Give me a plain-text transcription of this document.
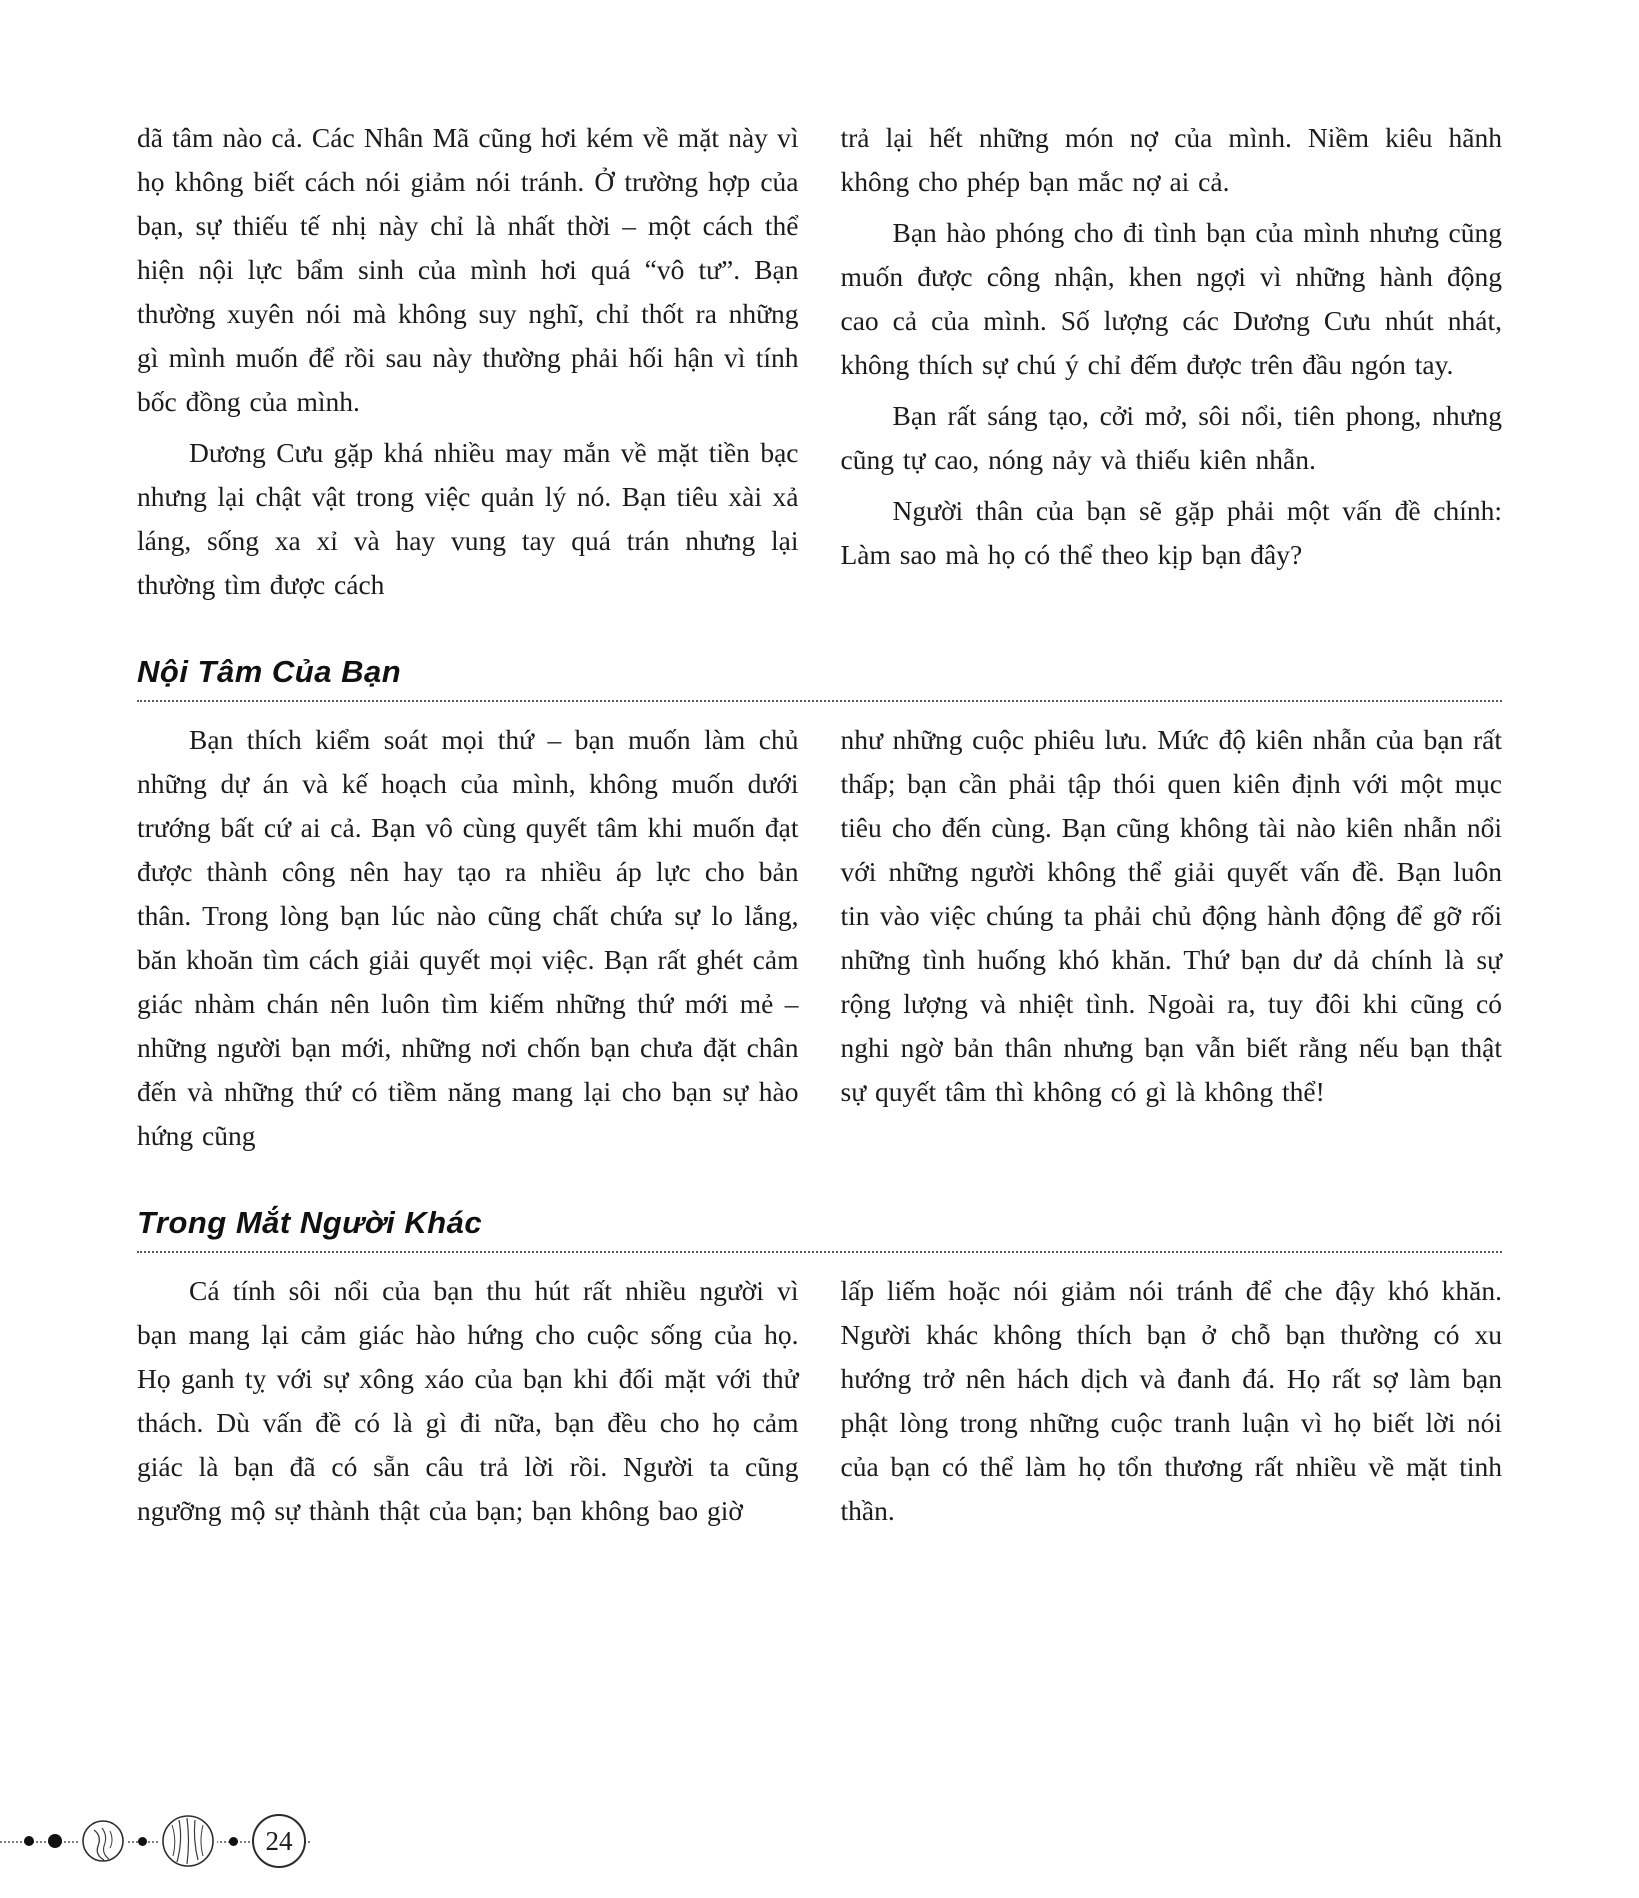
dã tâm nào cả. Các Nhân Mã cũng hơi kém về mặt này vì họ không biết cách nói giảm nói tránh. Ở trường hợp của bạn, sự thiếu tế nhị này chỉ là nhất thời – một cách thể hiện nội lực bẩm sinh của mình hơi quá “vô tư”. Bạn thường xuyên nói mà không suy nghĩ, chỉ thốt ra những gì mình muốn để rồi sau này thường phải hối hận vì tính bốc đồng của mình.

Dương Cưu gặp khá nhiều may mắn về mặt tiền bạc nhưng lại chật vật trong việc quản lý nó. Bạn tiêu xài xả láng, sống xa xỉ và hay vung tay quá trán nhưng lại thường tìm được cách

trả lại hết những món nợ của mình. Niềm kiêu hãnh không cho phép bạn mắc nợ ai cả.

Bạn hào phóng cho đi tình bạn của mình nhưng cũng muốn được công nhận, khen ngợi vì những hành động cao cả của mình. Số lượng các Dương Cưu nhút nhát, không thích sự chú ý chỉ đếm được trên đầu ngón tay.

Bạn rất sáng tạo, cởi mở, sôi nổi, tiên phong, nhưng cũng tự cao, nóng nảy và thiếu kiên nhẫn.

Người thân của bạn sẽ gặp phải một vấn đề chính: Làm sao mà họ có thể theo kịp bạn đây?

Nội Tâm Của Bạn

Bạn thích kiểm soát mọi thứ – bạn muốn làm chủ những dự án và kế hoạch của mình, không muốn dưới trướng bất cứ ai cả. Bạn vô cùng quyết tâm khi muốn đạt được thành công nên hay tạo ra nhiều áp lực cho bản thân. Trong lòng bạn lúc nào cũng chất chứa sự lo lắng, băn khoăn tìm cách giải quyết mọi việc. Bạn rất ghét cảm giác nhàm chán nên luôn tìm kiếm những thứ mới mẻ – những người bạn mới, những nơi chốn bạn chưa đặt chân đến và những thứ có tiềm năng mang lại cho bạn sự hào hứng cũng

như những cuộc phiêu lưu. Mức độ kiên nhẫn của bạn rất thấp; bạn cần phải tập thói quen kiên định với một mục tiêu cho đến cùng. Bạn cũng không tài nào kiên nhẫn nổi với những người không thể giải quyết vấn đề. Bạn luôn tin vào việc chúng ta phải chủ động hành động để gỡ rối những tình huống khó khăn. Thứ bạn dư dả chính là sự rộng lượng và nhiệt tình. Ngoài ra, tuy đôi khi cũng có nghi ngờ bản thân nhưng bạn vẫn biết rằng nếu bạn thật sự quyết tâm thì không có gì là không thể!

Trong Mắt Người Khác

Cá tính sôi nổi của bạn thu hút rất nhiều người vì bạn mang lại cảm giác hào hứng cho cuộc sống của họ. Họ ganh tỵ với sự xông xáo của bạn khi đối mặt với thử thách. Dù vấn đề có là gì đi nữa, bạn đều cho họ cảm giác là bạn đã có sẵn câu trả lời rồi. Người ta cũng ngưỡng mộ sự thành thật của bạn; bạn không bao giờ

lấp liếm hoặc nói giảm nói tránh để che đậy khó khăn. Người khác không thích bạn ở chỗ bạn thường có xu hướng trở nên hách dịch và đanh đá. Họ rất sợ làm bạn phật lòng trong những cuộc tranh luận vì họ biết lời nói của bạn có thể làm họ tổn thương rất nhiều về mặt tinh thần.

24
